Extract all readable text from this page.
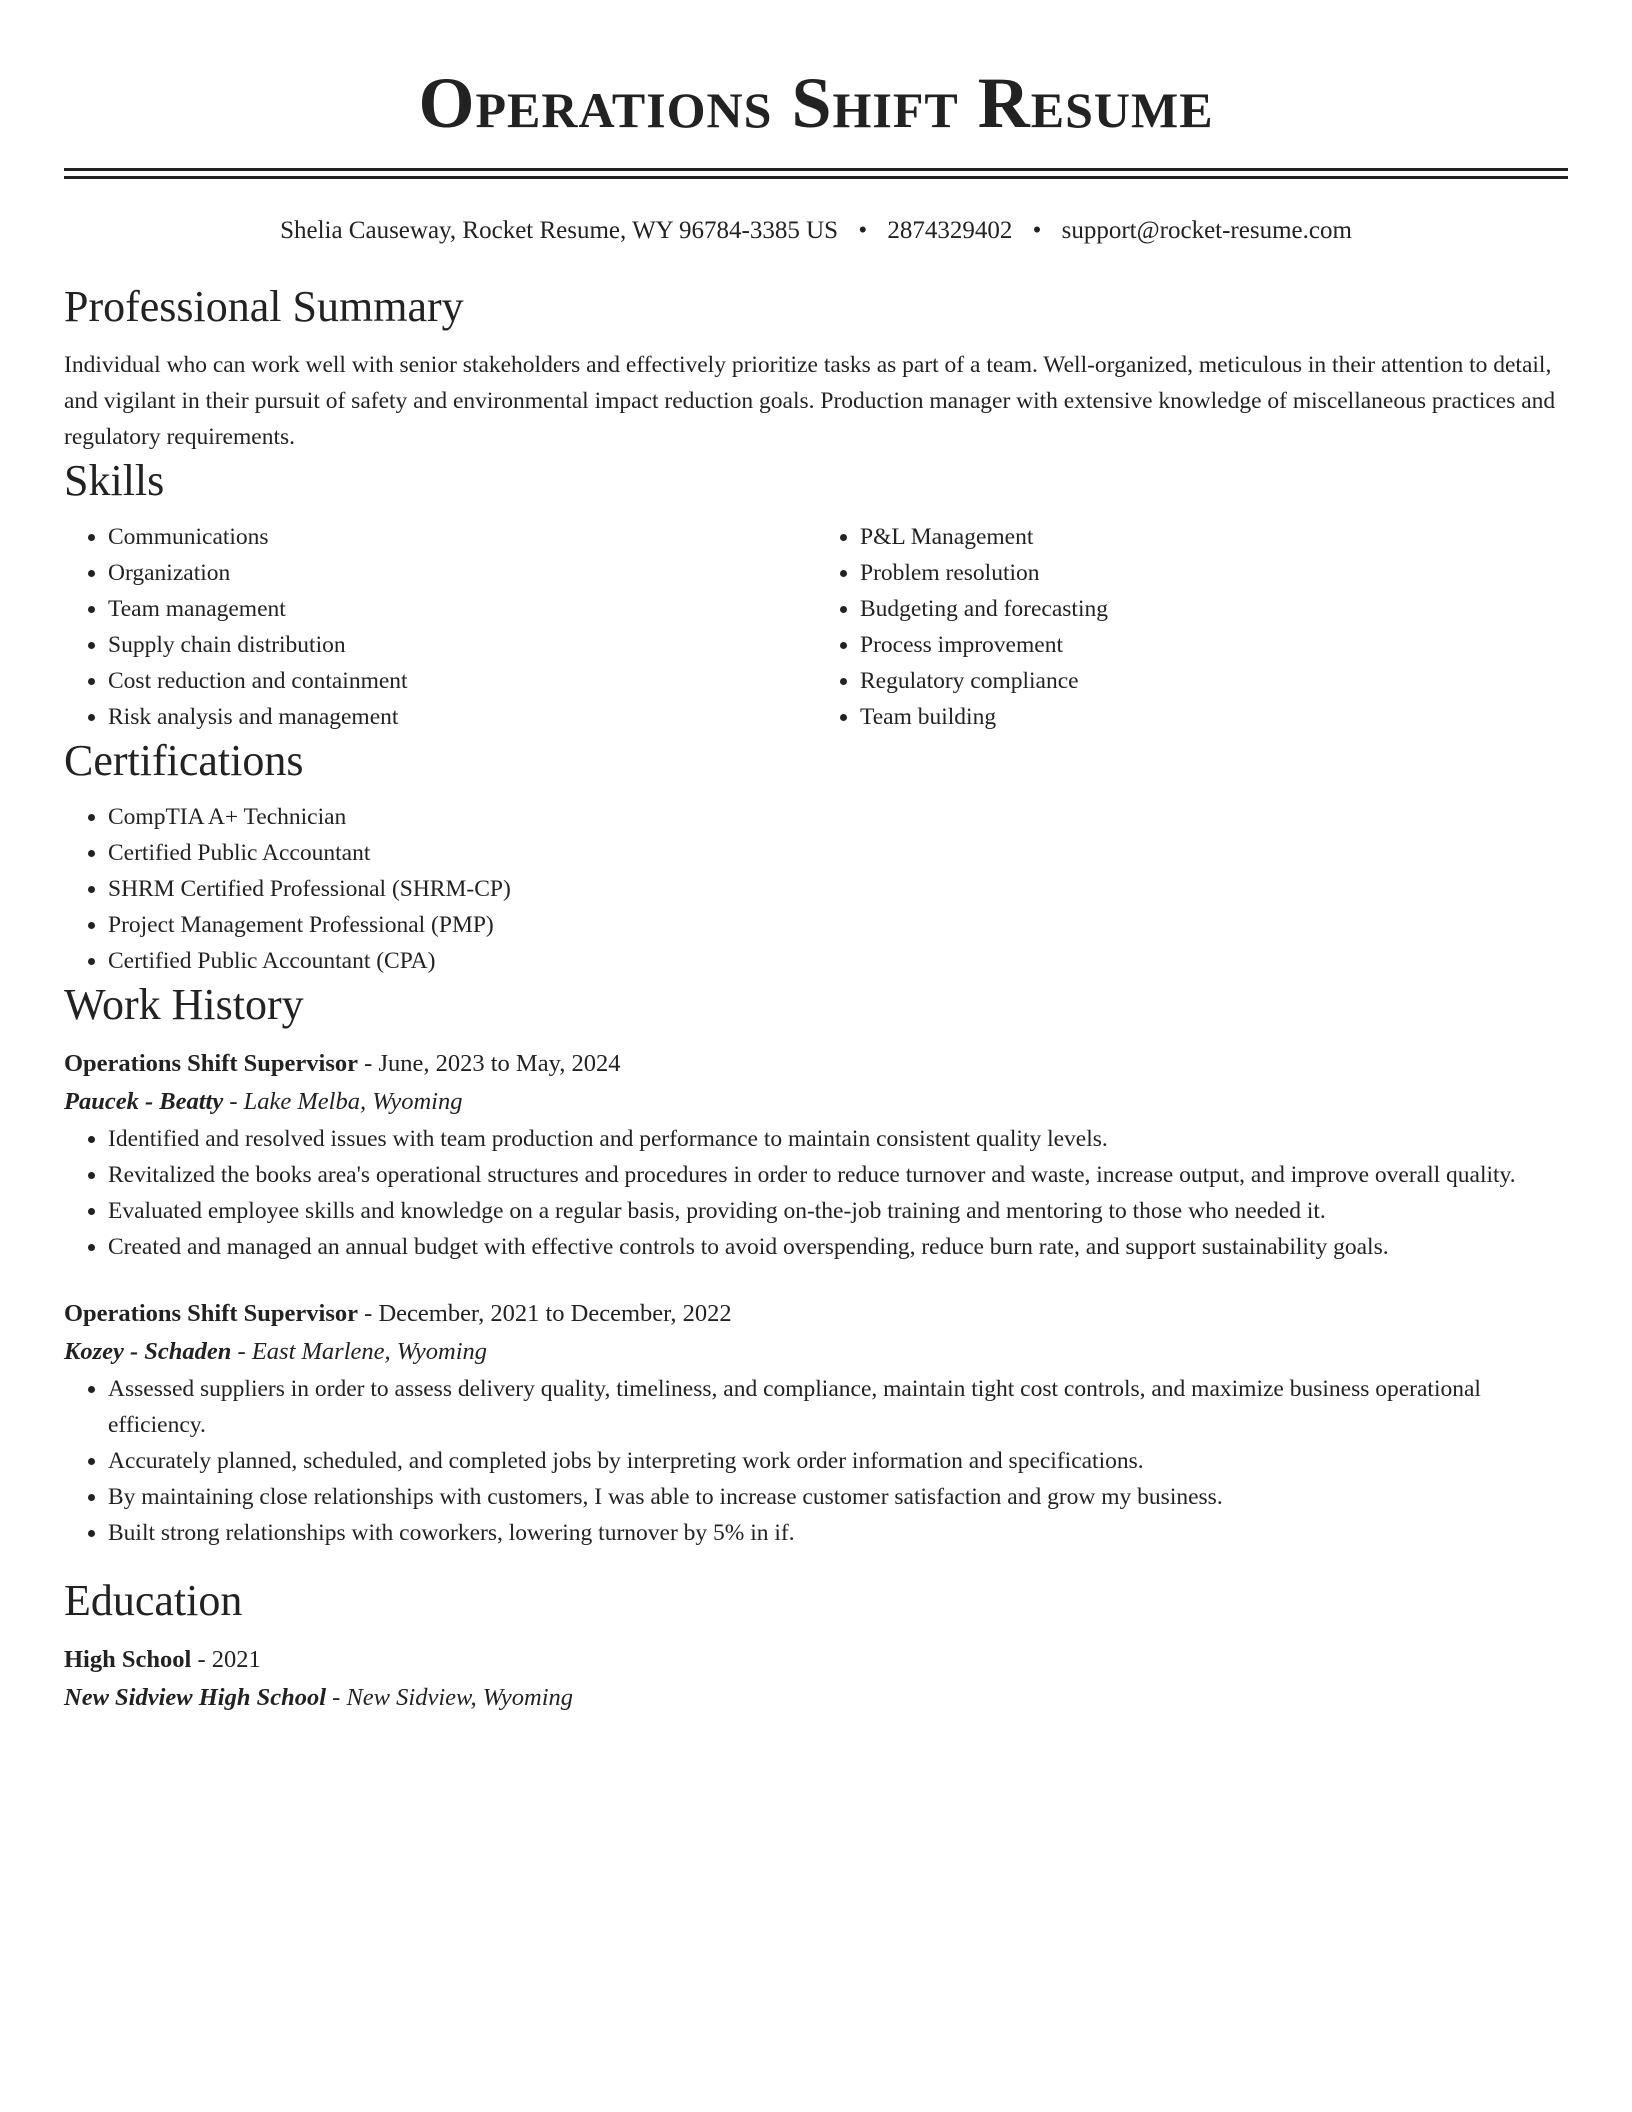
Operations Shift Resume
Shelia Causeway, Rocket Resume, WY 96784-3385 US • 2874329402 • support@rocket-resume.com
Professional Summary

Individual who can work well with senior stakeholders and effectively prioritize tasks as part of a team. Well-organized, meticulous in their attention to detail, and vigilant in their pursuit of safety and environmental impact reduction goals. Production manager with extensive knowledge of miscellaneous practices and regulatory requirements.

Skills
• Communications
• Organization
• Team management
• Supply chain distribution
• Cost reduction and containment
• Risk analysis and management
• P&L Management
• Problem resolution
• Budgeting and forecasting
• Process improvement
• Regulatory compliance
• Team building
Certifications
• CompTIA A+ Technician
• Certified Public Accountant
• SHRM Certified Professional (SHRM-CP)
• Project Management Professional (PMP)
• Certified Public Accountant (CPA)
Work History
Operations Shift Supervisor - June, 2023 to May, 2024
Paucek - Beatty - Lake Melba, Wyoming
• Identified and resolved issues with team production and performance to maintain consistent quality levels.
• Revitalized the books area's operational structures and procedures in order to reduce turnover and waste, increase output, and improve overall quality.
• Evaluated employee skills and knowledge on a regular basis, providing on-the-job training and mentoring to those who needed it.
• Created and managed an annual budget with effective controls to avoid overspending, reduce burn rate, and support sustainability goals.
Operations Shift Supervisor - December, 2021 to December, 2022
Kozey - Schaden - East Marlene, Wyoming
• Assessed suppliers in order to assess delivery quality, timeliness, and compliance, maintain tight cost controls, and maximize business operational efficiency.
• Accurately planned, scheduled, and completed jobs by interpreting work order information and specifications.
• By maintaining close relationships with customers, I was able to increase customer satisfaction and grow my business.
• Built strong relationships with coworkers, lowering turnover by 5% in if.
Education
High School - 2021
New Sidview High School - New Sidview, Wyoming
